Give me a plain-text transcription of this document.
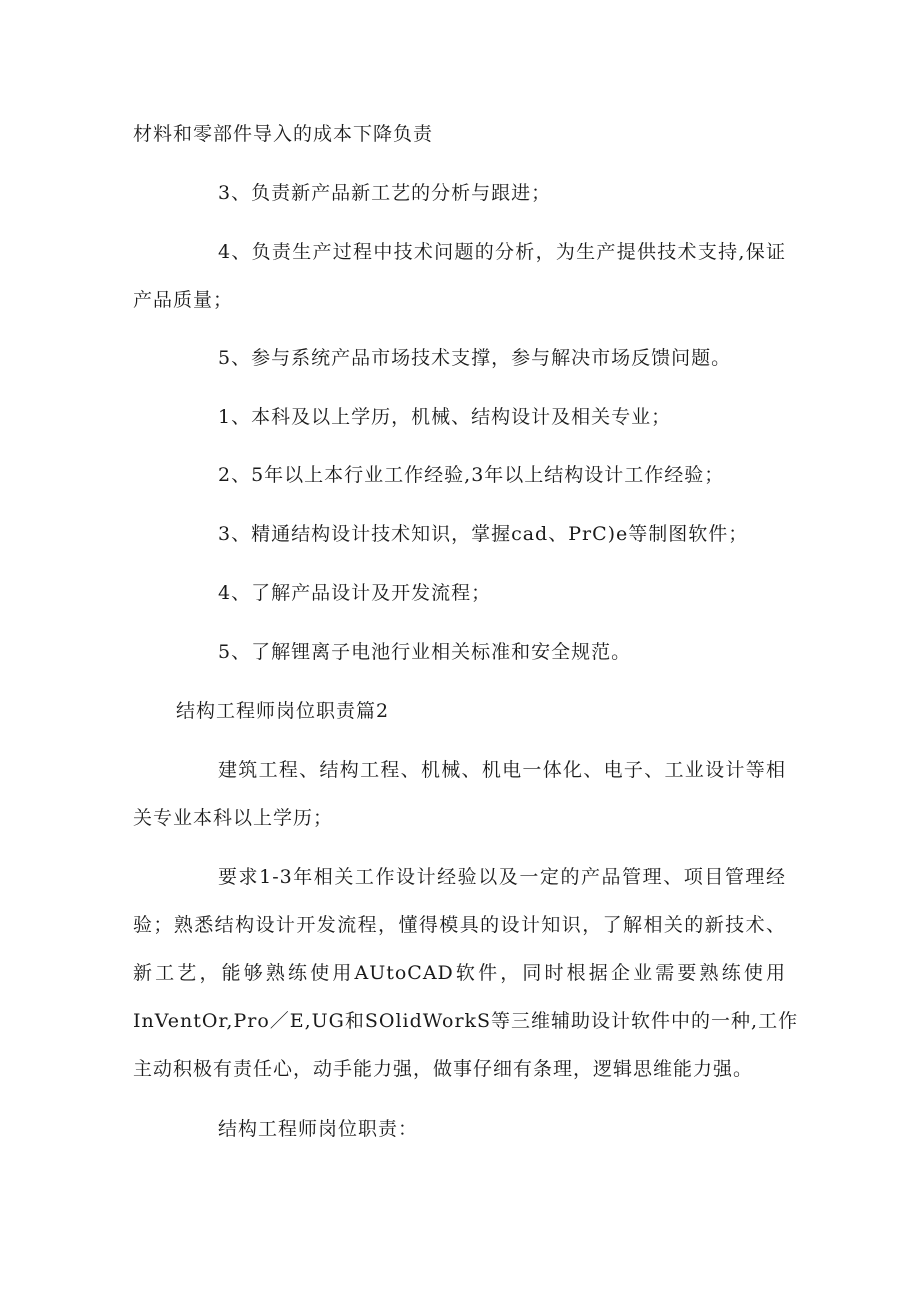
材料和零部件导入的成本下降负责
3、负责新产品新工艺的分析与跟进；
4、负责生产过程中技术问题的分析，为生产提供技术支持,保证
产品质量；
5、参与系统产品市场技术支撑，参与解决市场反馈问题。
1、本科及以上学历，机械、结构设计及相关专业；
2、5年以上本行业工作经验,3年以上结构设计工作经验；
3、精通结构设计技术知识，掌握cad、PrC)e等制图软件；
4、了解产品设计及开发流程；
5、了解锂离子电池行业相关标准和安全规范。
结构工程师岗位职责篇2
建筑工程、结构工程、机械、机电一体化、电子、工业设计等相
关专业本科以上学历；
要求1-3年相关工作设计经验以及一定的产品管理、项目管理经
验；熟悉结构设计开发流程，懂得模具的设计知识，了解相关的新技术、
新工艺，能够熟练使用AUtoCAD软件，同时根据企业需要熟练使用
InVentOr,Pro／E,UG和SOlidWorkS等三维辅助设计软件中的一种,工作
主动积极有责任心，动手能力强，做事仔细有条理，逻辑思维能力强。
结构工程师岗位职责：
